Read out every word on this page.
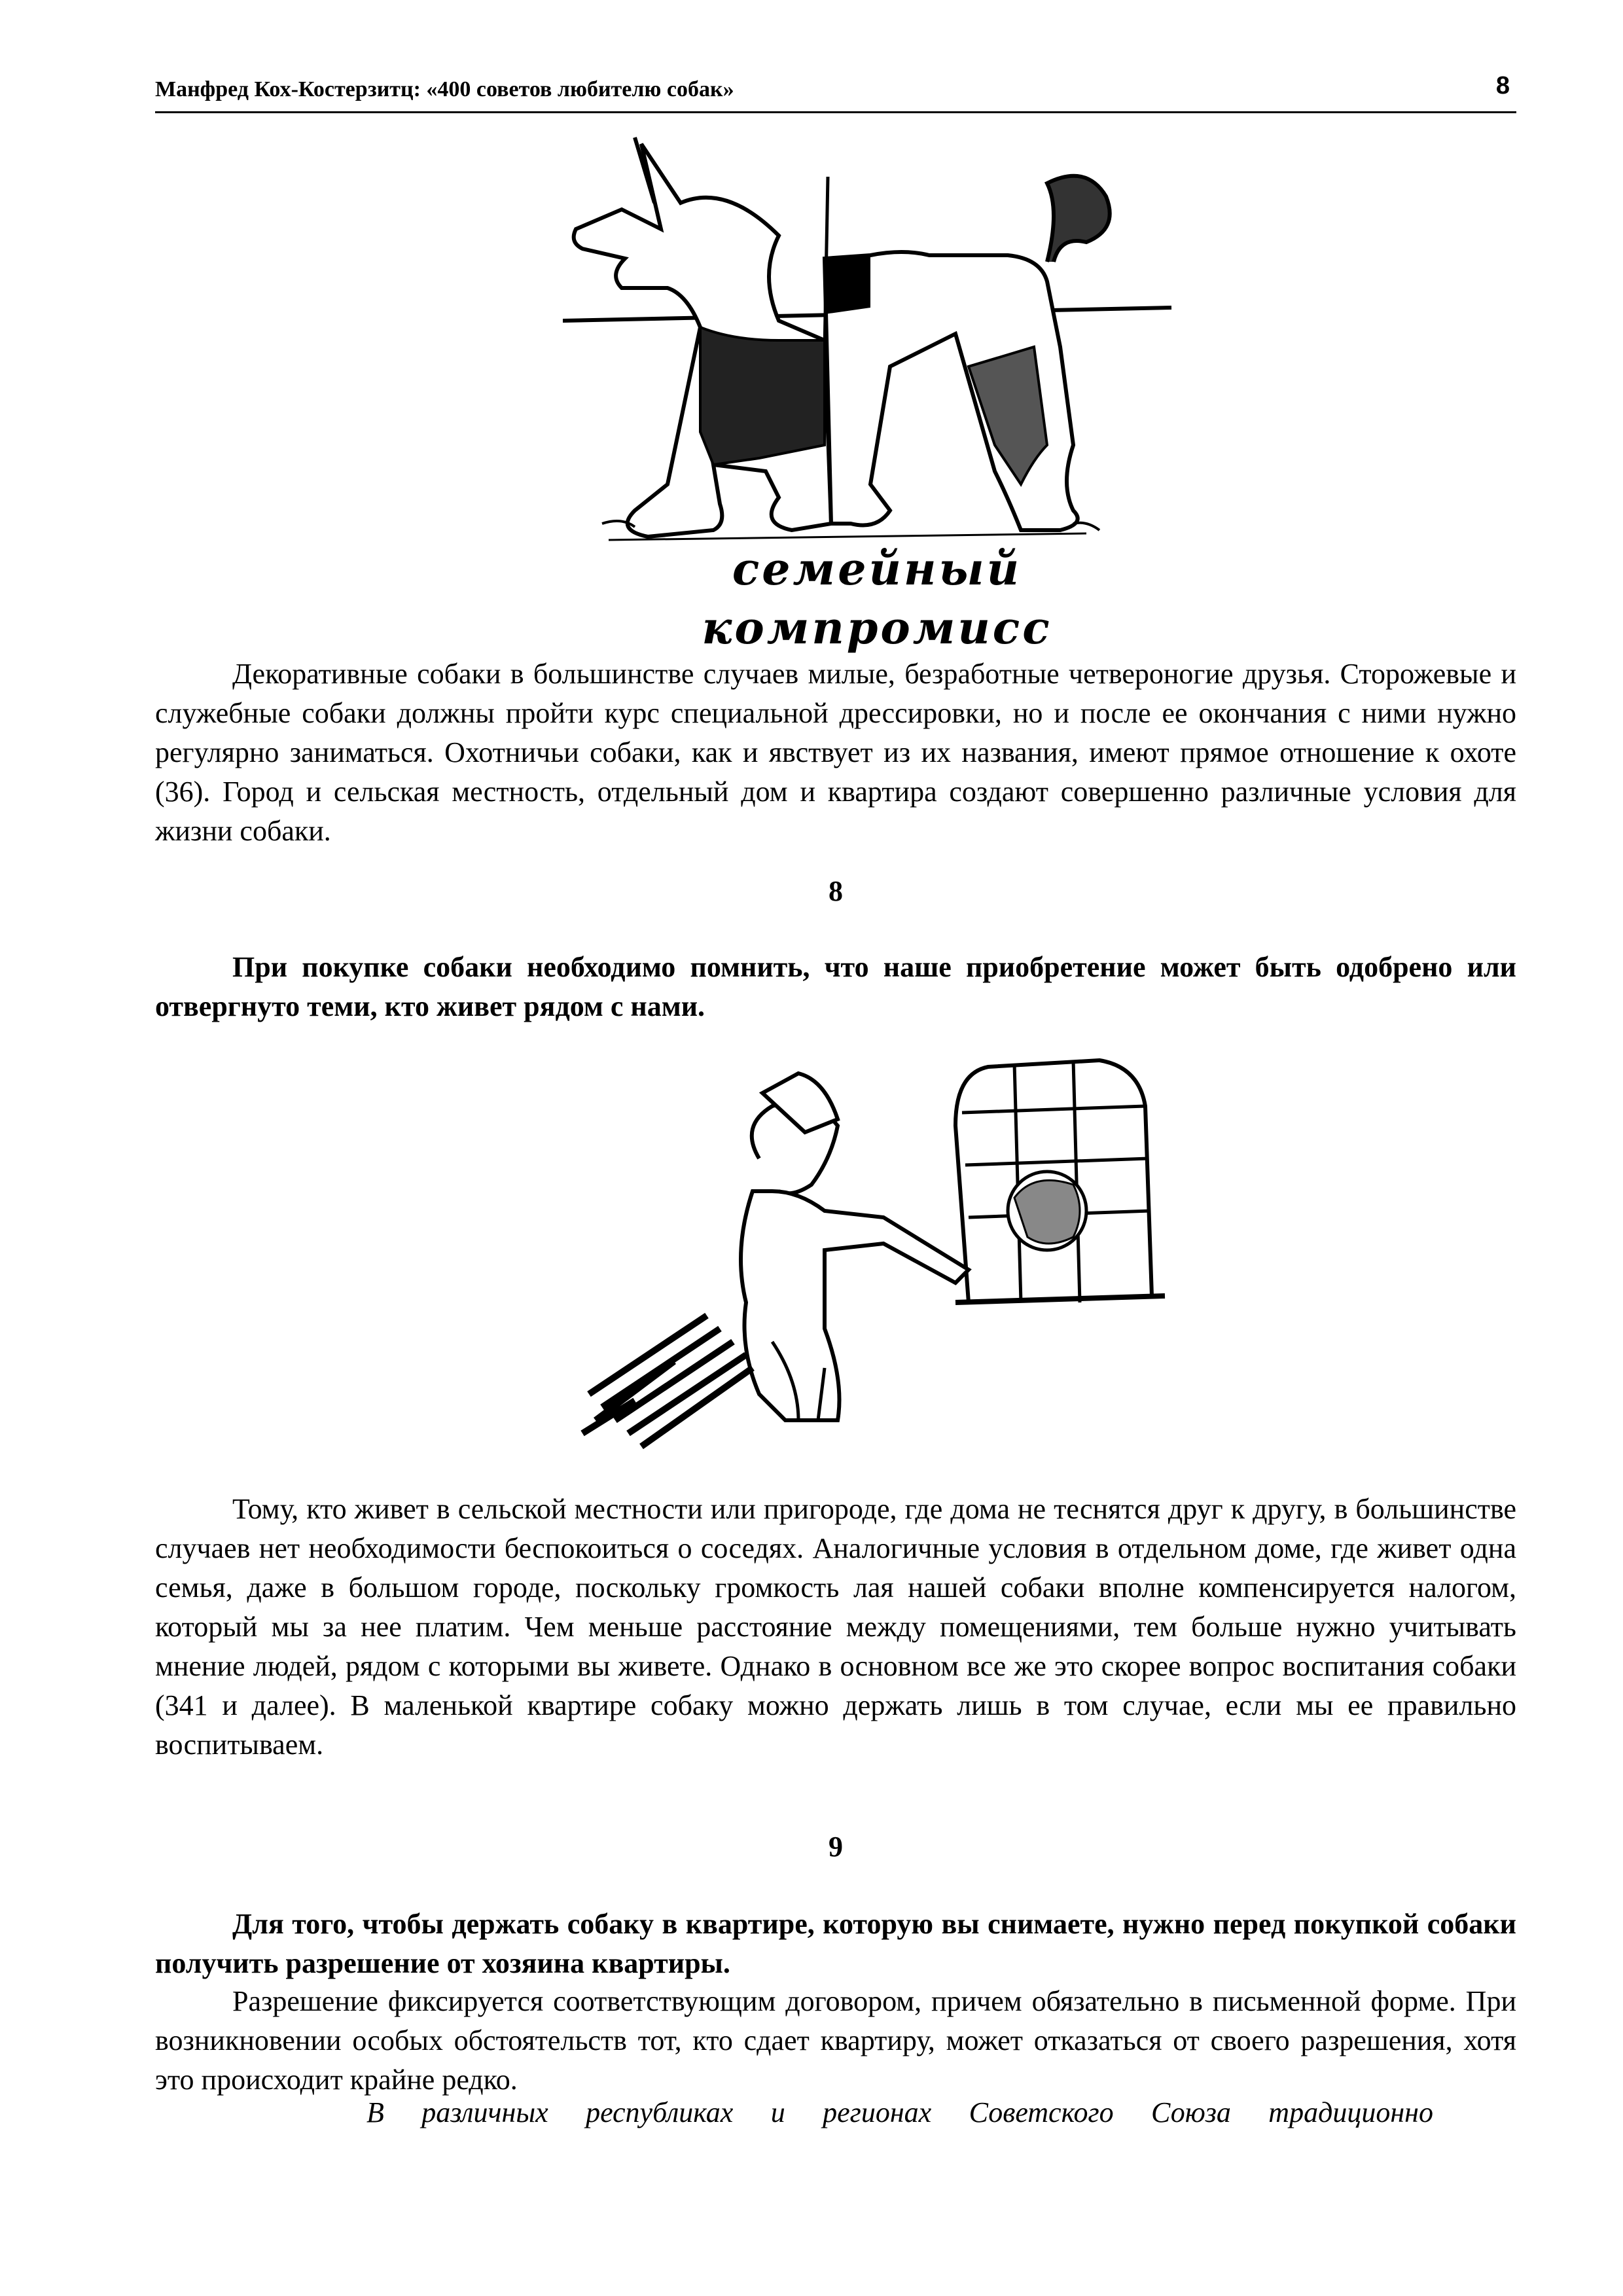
Манфред Кох-Костерзитц: «400 советов любителю собак»	8
семейный компромисс

Декоративные собаки в большинстве случаев милые, безработные четвероногие друзья. Сторожевые и служебные собаки должны пройти курс специальной дрессировки, но и после ее окончания с ними нужно регулярно заниматься. Охотничьи собаки, как и явствует из их названия, имеют прямое отношение к охоте (36). Город и сельская местность, отдельный дом и квартира создают совершенно различные условия для жизни собаки.

8

При покупке собаки необходимо помнить, что наше приобретение может быть одобрено или отвергнуто теми, кто живет рядом с нами.

Тому, кто живет в сельской местности или пригороде, где дома не теснятся друг к другу, в большинстве случаев нет необходимости беспокоиться о соседях. Аналогичные условия в отдельном доме, где живет одна семья, даже в большом городе, поскольку громкость лая нашей собаки вполне компенсируется налогом, который мы за нее платим. Чем меньше расстояние между помещениями, тем больше нужно учитывать мнение людей, рядом с которыми вы живете. Однако в основном все же это скорее вопрос воспитания собаки (341 и далее). В маленькой квартире собаку можно держать лишь в том случае, если мы ее правильно воспитываем.

9

Для того, чтобы держать собаку в квартире, которую вы снимаете, нужно перед покупкой собаки получить разрешение от хозяина квартиры.

Разрешение фиксируется соответствующим договором, причем обязательно в письменной форме. При возникновении особых обстоятельств тот, кто сдает квартиру, может отказаться от своего разрешения, хотя это происходит крайне редко.

В различных республиках и регионах Советского Союза традиционно
